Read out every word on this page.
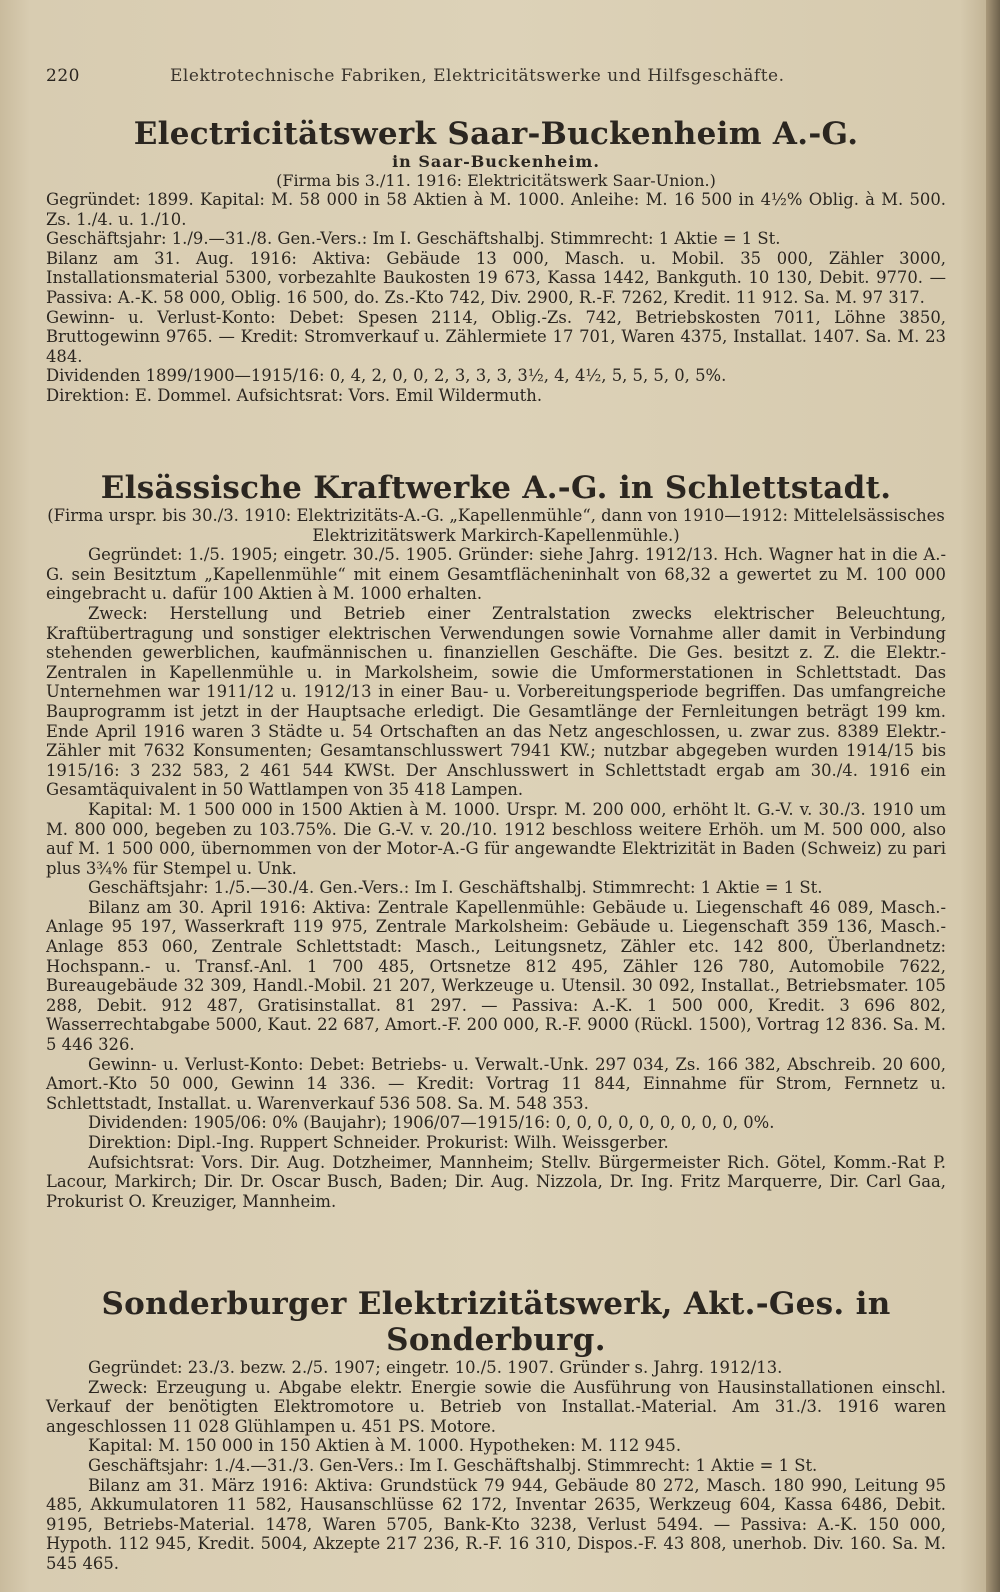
220	Elektrotechnische Fabriken, Elektricitätswerke und Hilfsgeschäfte.
Electricitätswerk Saar-Buckenheim A.-G.
in Saar-Buckenheim.
(Firma bis 3./11. 1916: Elektricitätswerk Saar-Union.)

Gegründet: 1899. Kapital: M. 58 000 in 58 Aktien à M. 1000. Anleihe: M. 16 500 in 4½% Oblig. à M. 500. Zs. 1./4. u. 1./10.

Geschäftsjahr: 1./9.—31./8. Gen.-Vers.: Im I. Geschäftshalbj. Stimmrecht: 1 Aktie = 1 St.

Bilanz am 31. Aug. 1916: Aktiva: Gebäude 13 000, Masch. u. Mobil. 35 000, Zähler 3000, Installationsmaterial 5300, vorbezahlte Baukosten 19 673, Kassa 1442, Bankguth. 10 130, Debit. 9770. — Passiva: A.-K. 58 000, Oblig. 16 500, do. Zs.-Kto 742, Div. 2900, R.-F. 7262, Kredit. 11 912. Sa. M. 97 317.

Gewinn- u. Verlust-Konto: Debet: Spesen 2114, Oblig.-Zs. 742, Betriebskosten 7011, Löhne 3850, Bruttogewinn 9765. — Kredit: Stromverkauf u. Zählermiete 17 701, Waren 4375, Installat. 1407. Sa. M. 23 484.

Dividenden 1899/1900—1915/16: 0, 4, 2, 0, 0, 2, 3, 3, 3, 3½, 4, 4½, 5, 5, 5, 0, 5%.

Direktion: E. Dommel. Aufsichtsrat: Vors. Emil Wildermuth.

Elsässische Kraftwerke A.-G. in Schlettstadt.

(Firma urspr. bis 30./3. 1910: Elektrizitäts-A.-G. „Kapellenmühle“, dann von 1910—1912: Mittelelsässisches Elektrizitätswerk Markirch-Kapellenmühle.)

Gegründet: 1./5. 1905; eingetr. 30./5. 1905. Gründer: siehe Jahrg. 1912/13. Hch. Wagner hat in die A.-G. sein Besitztum „Kapellenmühle“ mit einem Gesamtflächeninhalt von 68,32 a gewertet zu M. 100 000 eingebracht u. dafür 100 Aktien à M. 1000 erhalten.

Zweck: Herstellung und Betrieb einer Zentralstation zwecks elektrischer Beleuchtung, Kraftübertragung und sonstiger elektrischen Verwendungen sowie Vornahme aller damit in Verbindung stehenden gewerblichen, kaufmännischen u. finanziellen Geschäfte. Die Ges. besitzt z. Z. die Elektr.-Zentralen in Kapellenmühle u. in Markolsheim, sowie die Umformerstationen in Schlettstadt. Das Unternehmen war 1911/12 u. 1912/13 in einer Bau- u. Vorbereitungsperiode begriffen. Das umfangreiche Bauprogramm ist jetzt in der Hauptsache erledigt. Die Gesamtlänge der Fernleitungen beträgt 199 km. Ende April 1916 waren 3 Städte u. 54 Ortschaften an das Netz angeschlossen, u. zwar zus. 8389 Elektr.-Zähler mit 7632 Konsumenten; Gesamtanschlusswert 7941 KW.; nutzbar abgegeben wurden 1914/15 bis 1915/16: 3 232 583, 2 461 544 KWSt. Der Anschlusswert in Schlettstadt ergab am 30./4. 1916 ein Gesamtäquivalent in 50 Wattlampen von 35 418 Lampen.

Kapital: M. 1 500 000 in 1500 Aktien à M. 1000. Urspr. M. 200 000, erhöht lt. G.-V. v. 30./3. 1910 um M. 800 000, begeben zu 103.75%. Die G.-V. v. 20./10. 1912 beschloss weitere Erhöh. um M. 500 000, also auf M. 1 500 000, übernommen von der Motor-A.-G für angewandte Elektrizität in Baden (Schweiz) zu pari plus 3¾% für Stempel u. Unk.

Geschäftsjahr: 1./5.—30./4. Gen.-Vers.: Im I. Geschäftshalbj. Stimmrecht: 1 Aktie = 1 St.

Bilanz am 30. April 1916: Aktiva: Zentrale Kapellenmühle: Gebäude u. Liegenschaft 46 089, Masch.-Anlage 95 197, Wasserkraft 119 975, Zentrale Markolsheim: Gebäude u. Liegenschaft 359 136, Masch.-Anlage 853 060, Zentrale Schlettstadt: Masch., Leitungsnetz, Zähler etc. 142 800, Überlandnetz: Hochspann.- u. Transf.-Anl. 1 700 485, Ortsnetze 812 495, Zähler 126 780, Automobile 7622, Bureaugebäude 32 309, Handl.-Mobil. 21 207, Werkzeuge u. Utensil. 30 092, Installat., Betriebsmater. 105 288, Debit. 912 487, Gratisinstallat. 81 297. — Passiva: A.-K. 1 500 000, Kredit. 3 696 802, Wasserrechtabgabe 5000, Kaut. 22 687, Amort.-F. 200 000, R.-F. 9000 (Rückl. 1500), Vortrag 12 836. Sa. M. 5 446 326.

Gewinn- u. Verlust-Konto: Debet: Betriebs- u. Verwalt.-Unk. 297 034, Zs. 166 382, Abschreib. 20 600, Amort.-Kto 50 000, Gewinn 14 336. — Kredit: Vortrag 11 844, Einnahme für Strom, Fernnetz u. Schlettstadt, Installat. u. Warenverkauf 536 508. Sa. M. 548 353.

Dividenden: 1905/06: 0% (Baujahr); 1906/07—1915/16: 0, 0, 0, 0, 0, 0, 0, 0, 0, 0%.

Direktion: Dipl.-Ing. Ruppert Schneider. Prokurist: Wilh. Weissgerber.

Aufsichtsrat: Vors. Dir. Aug. Dotzheimer, Mannheim; Stellv. Bürgermeister Rich. Götel, Komm.-Rat P. Lacour, Markirch; Dir. Dr. Oscar Busch, Baden; Dir. Aug. Nizzola, Dr. Ing. Fritz Marquerre, Dir. Carl Gaa, Prokurist O. Kreuziger, Mannheim.

Sonderburger Elektrizitätswerk, Akt.-Ges. in Sonderburg.

Gegründet: 23./3. bezw. 2./5. 1907; eingetr. 10./5. 1907. Gründer s. Jahrg. 1912/13.

Zweck: Erzeugung u. Abgabe elektr. Energie sowie die Ausführung von Hausinstallationen einschl. Verkauf der benötigten Elektromotore u. Betrieb von Installat.-Material. Am 31./3. 1916 waren angeschlossen 11 028 Glühlampen u. 451 PS. Motore.

Kapital: M. 150 000 in 150 Aktien à M. 1000. Hypotheken: M. 112 945.

Geschäftsjahr: 1./4.—31./3. Gen-Vers.: Im I. Geschäftshalbj. Stimmrecht: 1 Aktie = 1 St.

Bilanz am 31. März 1916: Aktiva: Grundstück 79 944, Gebäude 80 272, Masch. 180 990, Leitung 95 485, Akkumulatoren 11 582, Hausanschlüsse 62 172, Inventar 2635, Werkzeug 604, Kassa 6486, Debit. 9195, Betriebs-Material. 1478, Waren 5705, Bank-Kto 3238, Verlust 5494. — Passiva: A.-K. 150 000, Hypoth. 112 945, Kredit. 5004, Akzepte 217 236, R.-F. 16 310, Dispos.-F. 43 808, unerhob. Div. 160. Sa. M. 545 465.
